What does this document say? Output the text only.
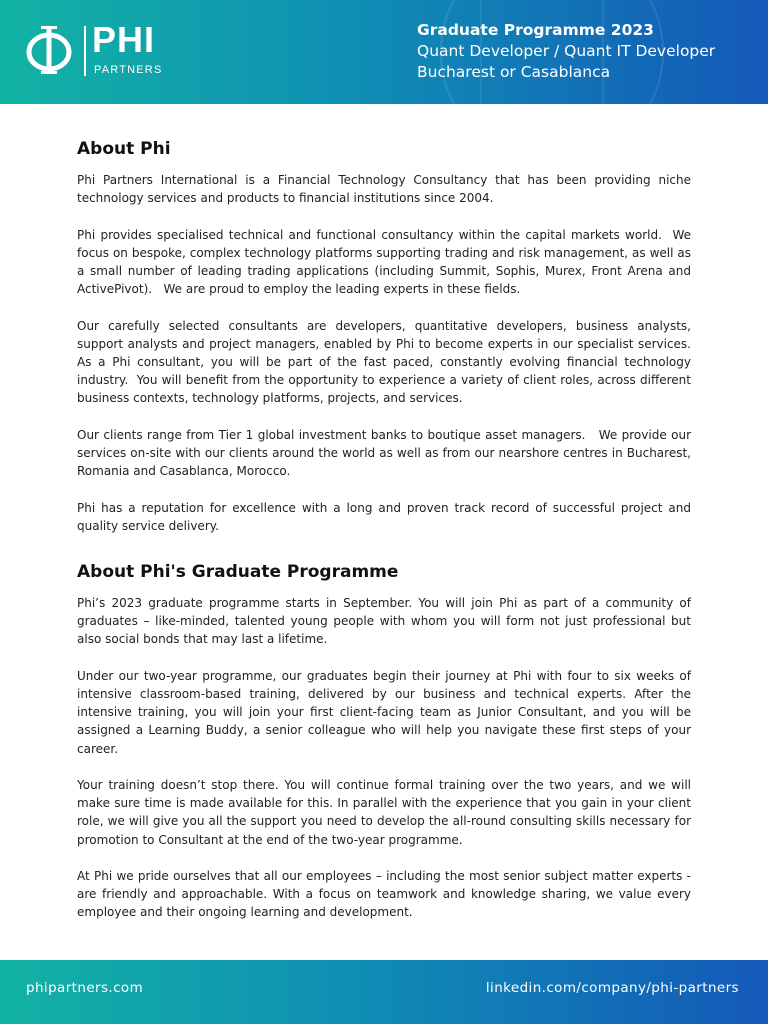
PHI
PARTNERS
Graduate Programme 2023
Quant Developer / Quant IT Developer
Bucharest or Casablanca
About Phi

Phi Partners International is a Financial Technology Consultancy that has been providing niche technology services and products to financial institutions since 2004.

Phi provides specialised technical and functional consultancy within the capital markets world.  We focus on bespoke, complex technology platforms supporting trading and risk management, as well as a small number of leading trading applications (including Summit, Sophis, Murex, Front Arena and ActivePivot).   We are proud to employ the leading experts in these fields.

Our carefully selected consultants are developers, quantitative developers, business analysts, support analysts and project managers, enabled by Phi to become experts in our specialist services.   As a Phi consultant, you will be part of the fast paced, constantly evolving financial technology industry.  You will benefit from the opportunity to experience a variety of client roles, across different business contexts, technology platforms, projects, and services.

Our clients range from Tier 1 global investment banks to boutique asset managers.   We provide our services on-site with our clients around the world as well as from our nearshore centres in Bucharest, Romania and Casablanca, Morocco.

Phi has a reputation for excellence with a long and proven track record of successful project and quality service delivery.

About Phi's Graduate Programme

Phi’s 2023 graduate programme starts in September. You will join Phi as part of a community of graduates – like-minded, talented young people with whom you will form not just professional but also social bonds that may last a lifetime.

Under our two-year programme, our graduates begin their journey at Phi with four to six weeks of intensive classroom-based training, delivered by our business and technical experts. After the intensive training, you will join your first client-facing team as Junior Consultant, and you will be assigned a Learning Buddy, a senior colleague who will help you navigate these first steps of your career.

Your training doesn’t stop there. You will continue formal training over the two years, and we will make sure time is made available for this. In parallel with the experience that you gain in your client role, we will give you all the support you need to develop the all-round consulting skills necessary for promotion to Consultant at the end of the two-year programme.

At Phi we pride ourselves that all our employees – including the most senior subject matter experts - are friendly and approachable. With a focus on teamwork and knowledge sharing, we value every employee and their ongoing learning and development.

phipartners.com	linkedin.com/company/phi-partners
